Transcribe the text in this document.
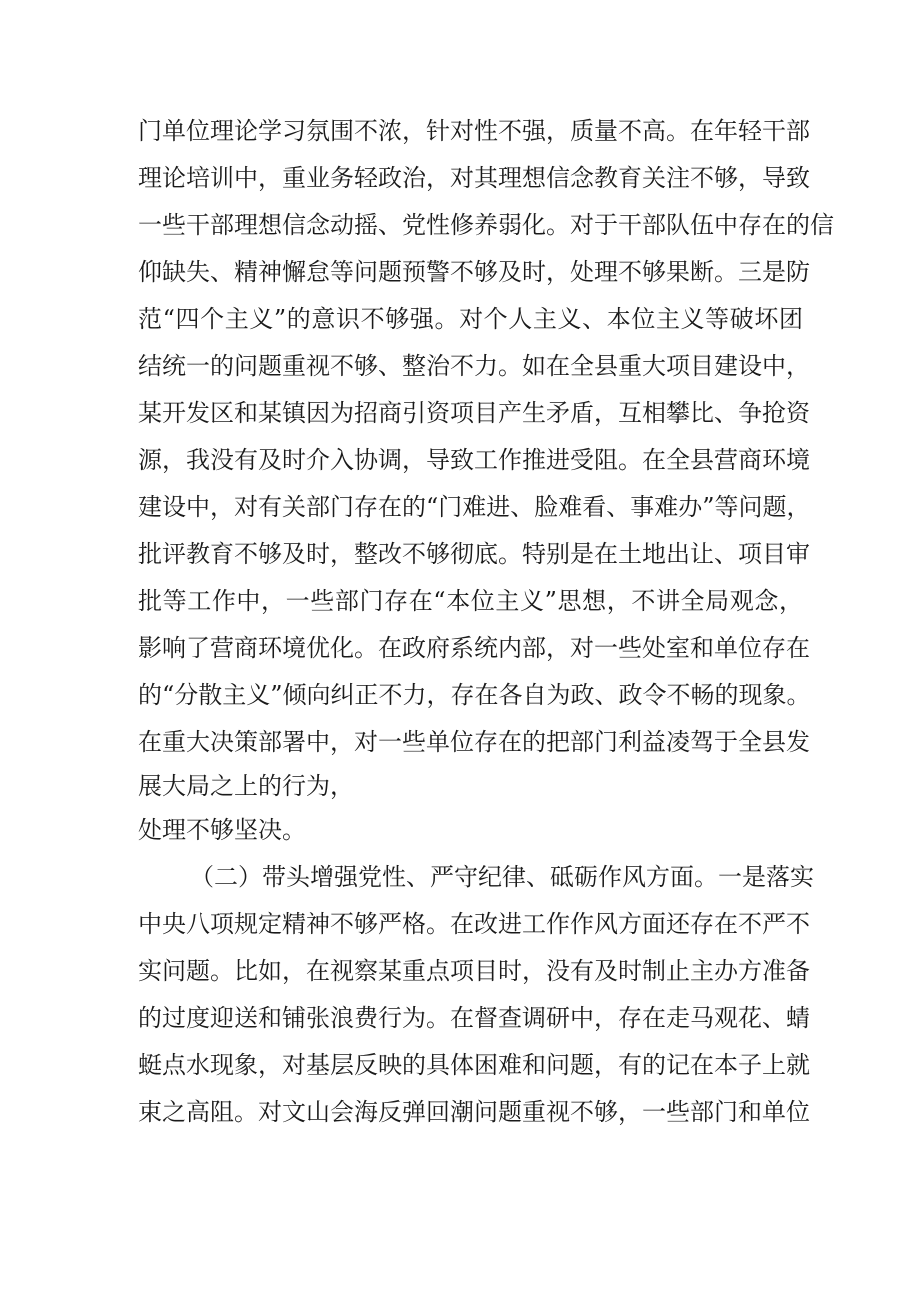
门单位理论学习氛围不浓，针对性不强，质量不高。在年轻干部
理论培训中，重业务轻政治，对其理想信念教育关注不够，导致
一些干部理想信念动摇、党性修养弱化。对于干部队伍中存在的信
仰缺失、精神懈怠等问题预警不够及时，处理不够果断。三是防
范“四个主义”的意识不够强。对个人主义、本位主义等破坏团
结统一的问题重视不够、整治不力。如在全县重大项目建设中，
某开发区和某镇因为招商引资项目产生矛盾，互相攀比、争抢资
源，我没有及时介入协调，导致工作推进受阻。在全县营商环境
建设中，对有关部门存在的“门难进、脸难看、事难办”等问题，
批评教育不够及时，整改不够彻底。特别是在土地出让、项目审
批等工作中，一些部门存在“本位主义”思想，不讲全局观念，
影响了营商环境优化。在政府系统内部，对一些处室和单位存在
的“分散主义”倾向纠正不力，存在各自为政、政令不畅的现象。
在重大决策部署中，对一些单位存在的把部门利益凌驾于全县发
展大局之上的行为，
处理不够坚决。
（二）带头增强党性、严守纪律、砥砺作风方面。一是落实
中央八项规定精神不够严格。在改进工作作风方面还存在不严不
实问题。比如，在视察某重点项目时，没有及时制止主办方准备
的过度迎送和铺张浪费行为。在督查调研中，存在走马观花、蜻
蜓点水现象，对基层反映的具体困难和问题，有的记在本子上就
束之高阻。对文山会海反弹回潮问题重视不够，一些部门和单位
